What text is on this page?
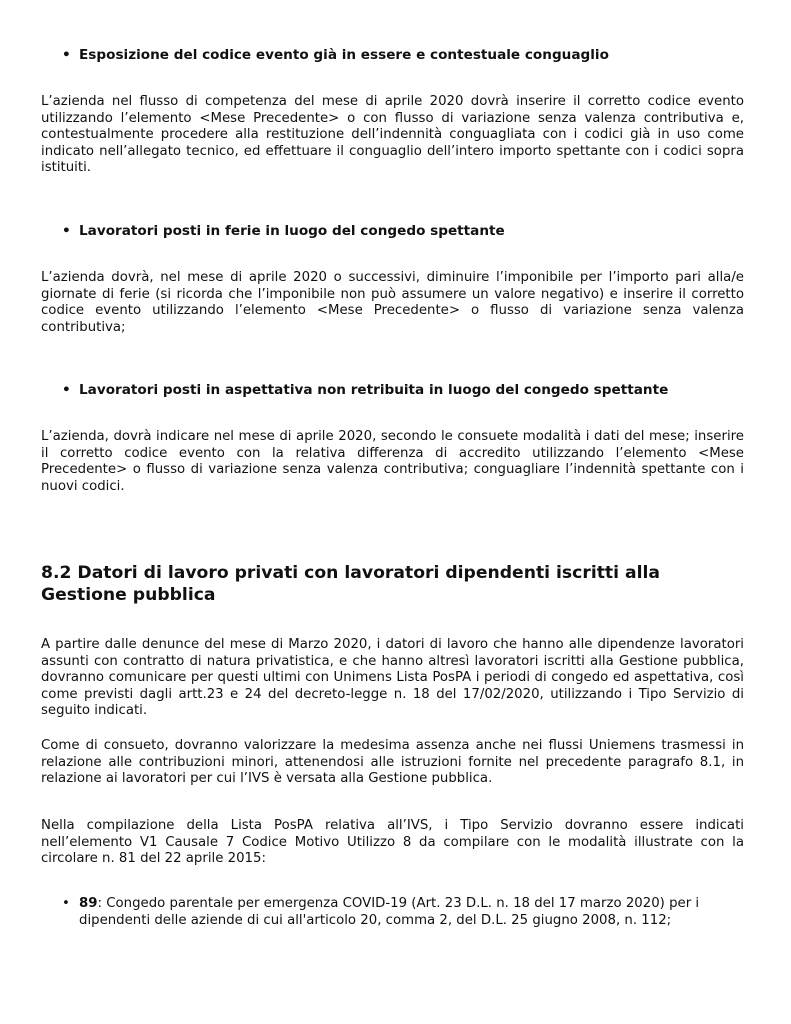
• Esposizione del codice evento già in essere e contestuale conguaglio

L’azienda nel flusso di competenza del mese di aprile 2020 dovrà inserire il corretto codice evento utilizzando l’elemento <Mese Precedente> o con flusso di variazione senza valenza contributiva e, contestualmente procedere alla restituzione dell’indennità conguagliata con i codici già in uso come indicato nell’allegato tecnico, ed effettuare il conguaglio dell’intero importo spettante con i codici sopra istituiti.

• Lavoratori posti in ferie in luogo del congedo spettante

L’azienda dovrà, nel mese di aprile 2020 o successivi, diminuire l’imponibile per l’importo pari alla/e giornate di ferie (si ricorda che l’imponibile non può assumere un valore negativo) e inserire il corretto codice evento utilizzando l’elemento <Mese Precedente> o flusso di variazione senza valenza contributiva;

• Lavoratori posti in aspettativa non retribuita in luogo del congedo spettante

L’azienda, dovrà indicare nel mese di aprile 2020, secondo le consuete modalità i dati del mese; inserire il corretto codice evento con la relativa differenza di accredito utilizzando l’elemento <Mese Precedente> o flusso di variazione senza valenza contributiva; conguagliare l’indennità spettante con i nuovi codici.

8.2 Datori di lavoro privati con lavoratori dipendenti iscritti alla Gestione pubblica

A partire dalle denunce del mese di Marzo 2020, i datori di lavoro che hanno alle dipendenze lavoratori assunti con contratto di natura privatistica, e che hanno altresì lavoratori iscritti alla Gestione pubblica, dovranno comunicare per questi ultimi con Unimens Lista PosPA i periodi di congedo ed aspettativa, così come previsti dagli artt.23 e 24 del decreto-legge n. 18 del 17/02/2020, utilizzando i Tipo Servizio di seguito indicati.

Come di consueto, dovranno valorizzare la medesima assenza anche nei flussi Uniemens trasmessi in relazione alle contribuzioni minori, attenendosi alle istruzioni fornite nel precedente paragrafo 8.1, in relazione ai lavoratori per cui l’IVS è versata alla Gestione pubblica.

Nella compilazione della Lista PosPA relativa all’IVS, i Tipo Servizio dovranno essere indicati nell’elemento V1 Causale 7 Codice Motivo Utilizzo 8 da compilare con le modalità illustrate con la circolare n. 81 del 22 aprile 2015:

• 89: Congedo parentale per emergenza COVID-19 (Art. 23 D.L. n. 18 del 17 marzo 2020) per i dipendenti delle aziende di cui all'articolo 20, comma 2, del D.L. 25 giugno 2008, n. 112;
